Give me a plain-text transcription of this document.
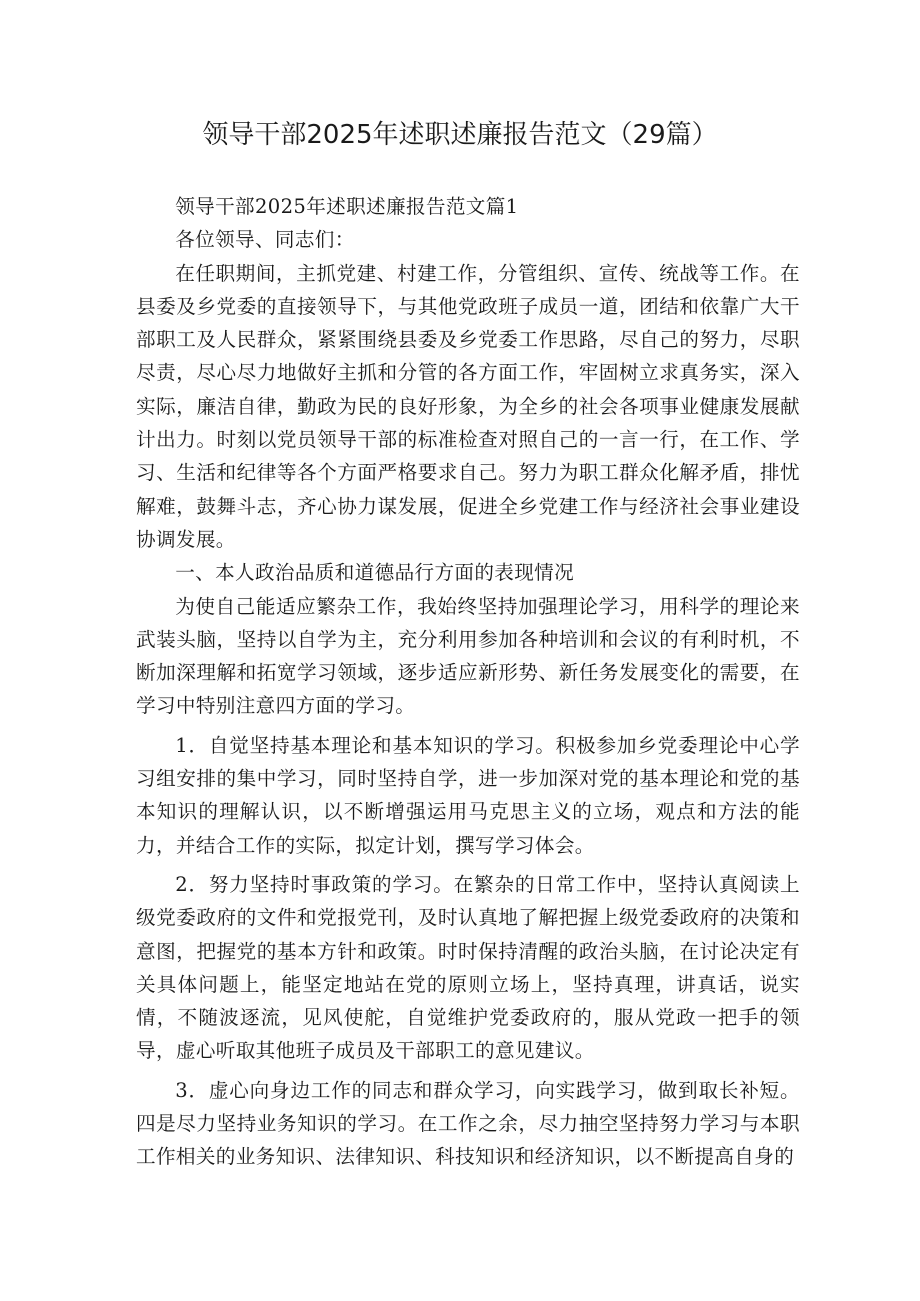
领导干部2025年述职述廉报告范文（29篇）

领导干部2025年述职述廉报告范文篇1

各位领导、同志们：

在任职期间，主抓党建、村建工作，分管组织、宣传、统战等工作。在县委及乡党委的直接领导下，与其他党政班子成员一道，团结和依靠广大干部职工及人民群众，紧紧围绕县委及乡党委工作思路，尽自己的努力，尽职尽责，尽心尽力地做好主抓和分管的各方面工作，牢固树立求真务实，深入实际，廉洁自律，勤政为民的良好形象，为全乡的社会各项事业健康发展献计出力。时刻以党员领导干部的标准检查对照自己的一言一行，在工作、学习、生活和纪律等各个方面严格要求自己。努力为职工群众化解矛盾，排忧解难，鼓舞斗志，齐心协力谋发展，促进全乡党建工作与经济社会事业建设协调发展。

一、本人政治品质和道德品行方面的表现情况

为使自己能适应繁杂工作，我始终坚持加强理论学习，用科学的理论来武装头脑，坚持以自学为主，充分利用参加各种培训和会议的有利时机，不断加深理解和拓宽学习领域，逐步适应新形势、新任务发展变化的需要，在学习中特别注意四方面的学习。

1．自觉坚持基本理论和基本知识的学习。积极参加乡党委理论中心学习组安排的集中学习，同时坚持自学，进一步加深对党的基本理论和党的基本知识的理解认识，以不断增强运用马克思主义的立场，观点和方法的能力，并结合工作的实际，拟定计划，撰写学习体会。

2．努力坚持时事政策的学习。在繁杂的日常工作中，坚持认真阅读上级党委政府的文件和党报党刊，及时认真地了解把握上级党委政府的决策和意图，把握党的基本方针和政策。时时保持清醒的政治头脑，在讨论决定有关具体问题上，能坚定地站在党的原则立场上，坚持真理，讲真话，说实情，不随波逐流，见风使舵，自觉维护党委政府的，服从党政一把手的领导，虚心听取其他班子成员及干部职工的意见建议。

3．虚心向身边工作的同志和群众学习，向实践学习，做到取长补短。四是尽力坚持业务知识的学习。在工作之余，尽力抽空坚持努力学习与本职工作相关的业务知识、法律知识、科技知识和经济知识，以不断提高自身的
